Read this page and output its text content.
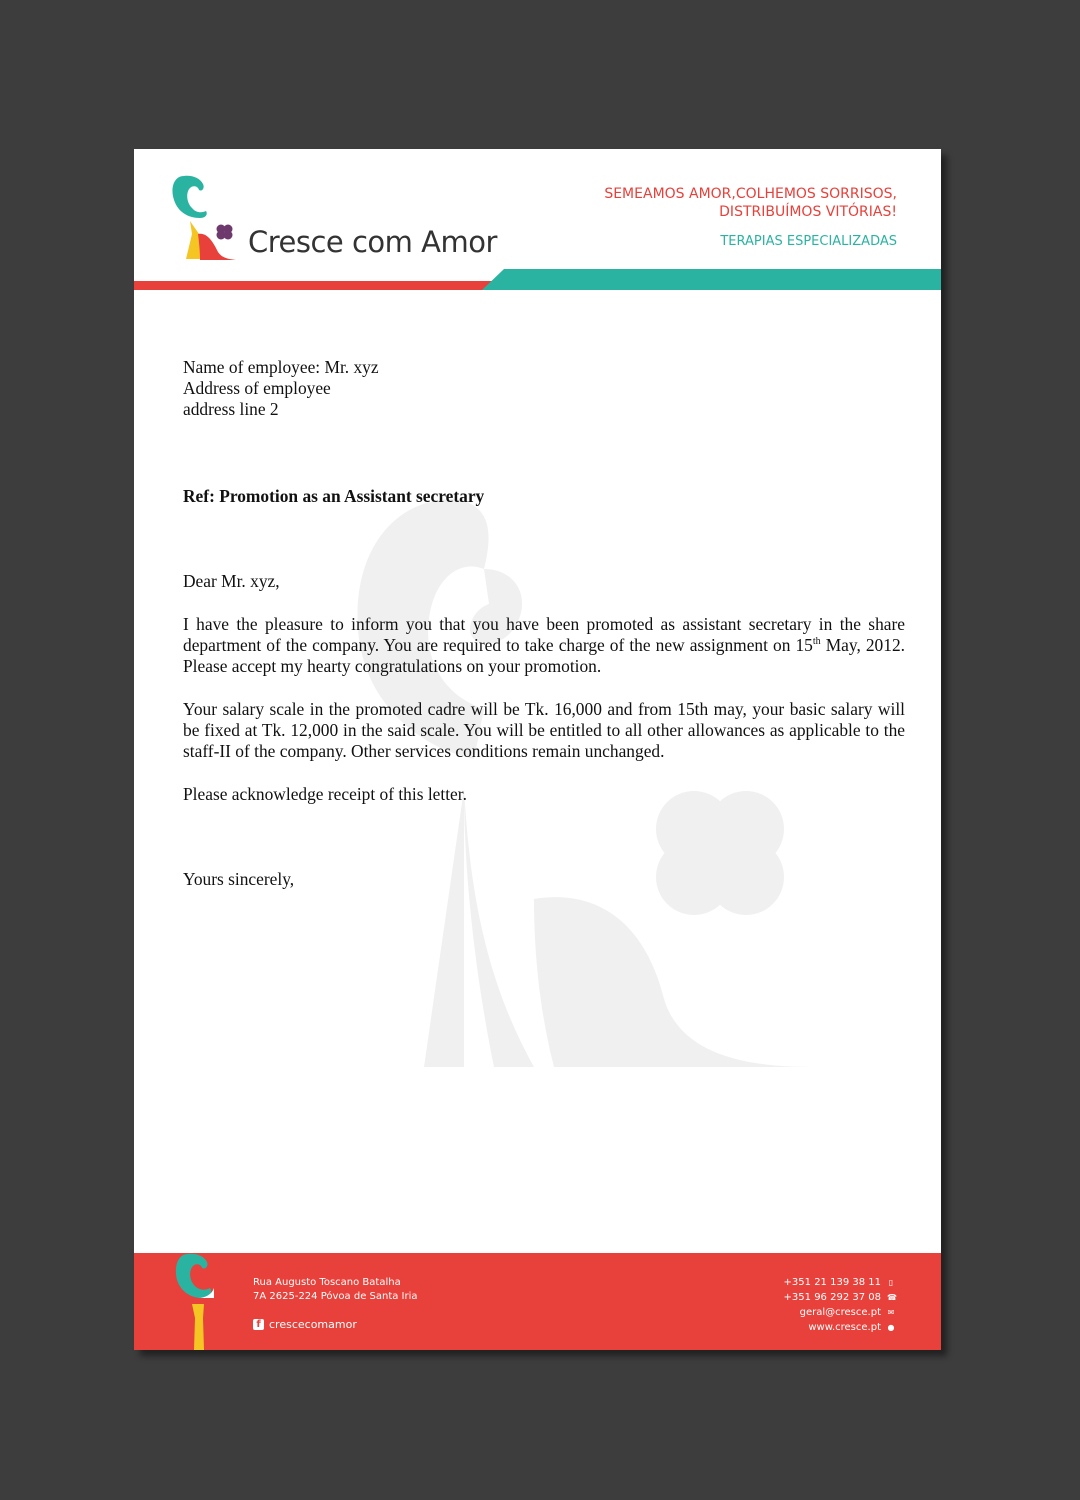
Cresce com Amor
SEMEAMOS AMOR,COLHEMOS SORRISOS,
DISTRIBUÍMOS VITÓRIAS!
TERAPIAS ESPECIALIZADAS
Name of employee: Mr. xyz
Address of employee
address line 2

Ref: Promotion as an Assistant secretary

Dear Mr. xyz,

I have the pleasure to inform you that you have been promoted as assistant secretary in the share department of the company. You are required to take charge of the new assignment on 15th May, 2012. Please accept my hearty congratulations on your promotion.

Your salary scale in the promoted cadre will be Tk. 16,000 and from 15th may, your basic salary will be fixed at Tk. 12,000 in the said scale. You will be entitled to all other allowances as applicable to the staff-II of the company. Other services conditions remain unchanged.

Please acknowledge receipt of this letter.

Yours sincerely,

Rua Augusto Toscano Batalha
7A 2625-224 Póvoa de Santa Iria
f crescecomamor
+351 21 139 38 11 ▯
+351 96 292 37 08 ☎
geral@cresce.pt ✉
www.cresce.pt ●
